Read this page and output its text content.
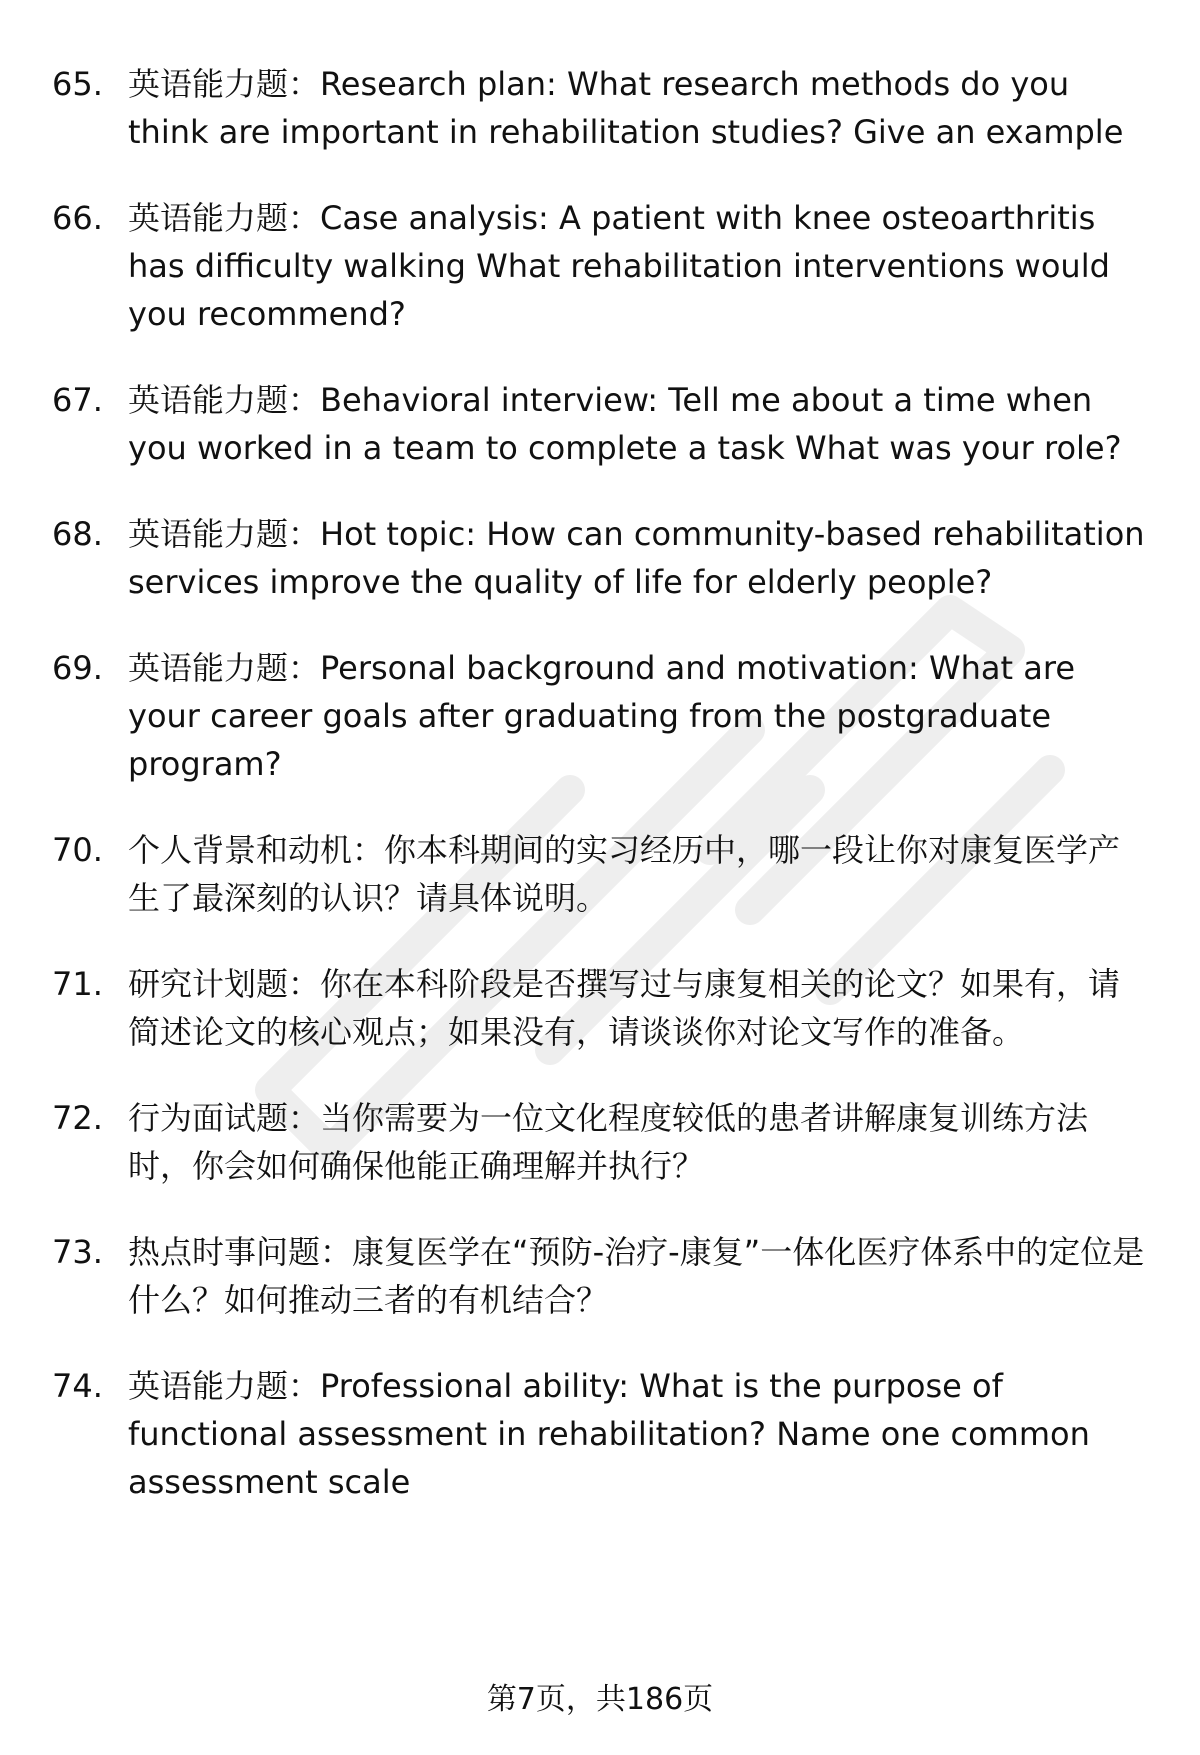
65. 英语能力题：Research plan: What research methods do you think are important in rehabilitation studies? Give an example
66. 英语能力题：Case analysis: A patient with knee osteoarthritis has difficulty walking What rehabilitation interventions would you recommend?
67. 英语能力题：Behavioral interview: Tell me about a time when you worked in a team to complete a task What was your role?
68. 英语能力题：Hot topic: How can community-based rehabilitation services improve the quality of life for elderly people?
69. 英语能力题：Personal background and motivation: What are your career goals after graduating from the postgraduate program?
70. 个人背景和动机：你本科期间的实习经历中，哪一段让你对康复医学产生了最深刻的认识？请具体说明。
71. 研究计划题：你在本科阶段是否撰写过与康复相关的论文？如果有，请简述论文的核心观点；如果没有，请谈谈你对论文写作的准备。
72. 行为面试题：当你需要为一位文化程度较低的患者讲解康复训练方法时，你会如何确保他能正确理解并执行？
73. 热点时事问题：康复医学在“预防-治疗-康复”一体化医疗体系中的定位是什么？如何推动三者的有机结合？
74. 英语能力题：Professional ability: What is the purpose of functional assessment in rehabilitation? Name one common assessment scale
第7页，共186页
